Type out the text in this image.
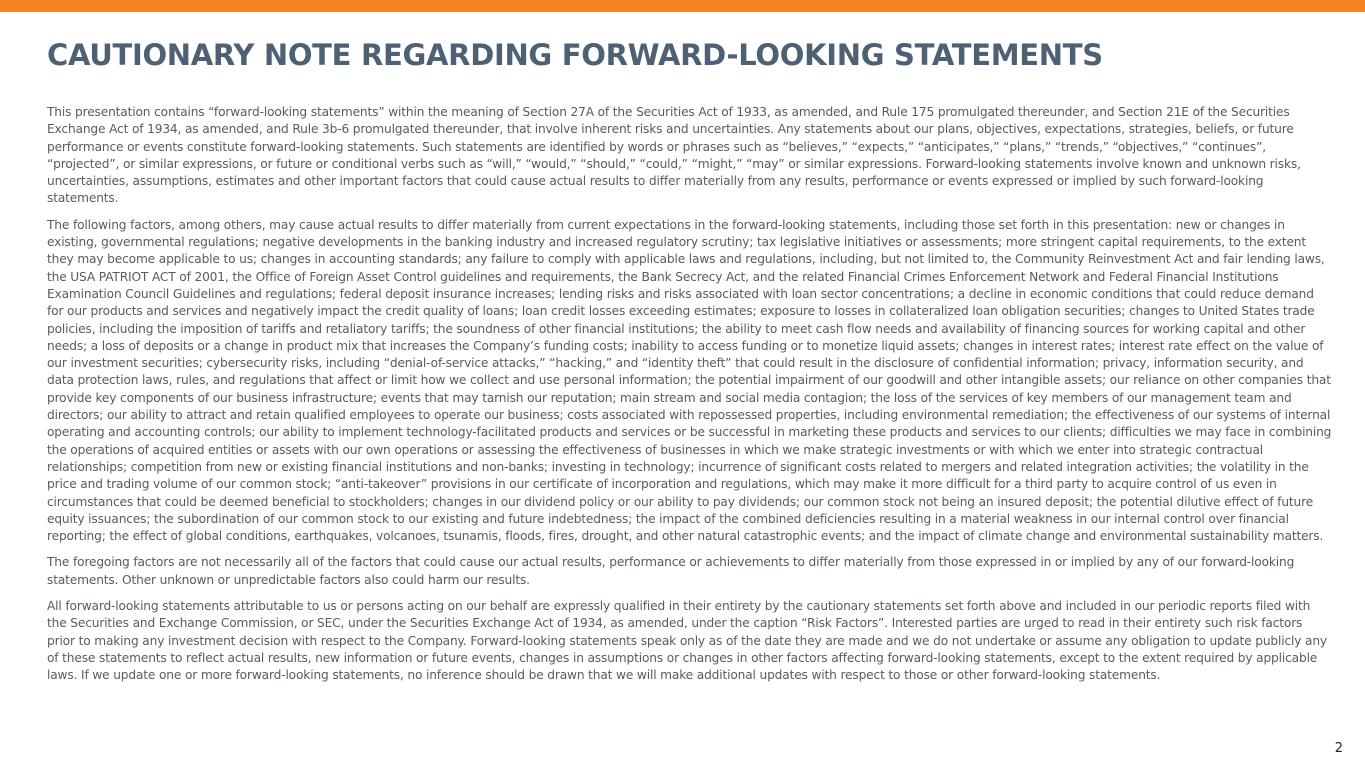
CAUTIONARY NOTE REGARDING FORWARD-LOOKING STATEMENTS

This presentation contains “forward-looking statements” within the meaning of Section 27A of the Securities Act of 1933, as amended, and Rule 175 promulgated thereunder, and Section 21E of the Securities Exchange Act of 1934, as amended, and Rule 3b-6 promulgated thereunder, that involve inherent risks and uncertainties. Any statements about our plans, objectives, expectations, strategies, beliefs, or future performance or events constitute forward-looking statements. Such statements are identified by words or phrases such as “believes,” “expects,” “anticipates,” “plans,” “trends,” “objectives,” “continues”, “projected”, or similar expressions, or future or conditional verbs such as “will,” “would,” “should,” “could,” “might,” “may” or similar expressions. Forward-looking statements involve known and unknown risks, uncertainties, assumptions, estimates and other important factors that could cause actual results to differ materially from any results, performance or events expressed or implied by such forward-looking statements.

The following factors, among others, may cause actual results to differ materially from current expectations in the forward-looking statements, including those set forth in this presentation: new or changes in existing, governmental regulations; negative developments in the banking industry and increased regulatory scrutiny; tax legislative initiatives or assessments; more stringent capital requirements, to the extent they may become applicable to us; changes in accounting standards; any failure to comply with applicable laws and regulations, including, but not limited to, the Community Reinvestment Act and fair lending laws, the USA PATRIOT ACT of 2001, the Office of Foreign Asset Control guidelines and requirements, the Bank Secrecy Act, and the related Financial Crimes Enforcement Network and Federal Financial Institutions Examination Council Guidelines and regulations; federal deposit insurance increases; lending risks and risks associated with loan sector concentrations; a decline in economic conditions that could reduce demand for our products and services and negatively impact the credit quality of loans; loan credit losses exceeding estimates; exposure to losses in collateralized loan obligation securities; changes to United States trade policies, including the imposition of tariffs and retaliatory tariffs; the soundness of other financial institutions; the ability to meet cash flow needs and availability of financing sources for working capital and other needs; a loss of deposits or a change in product mix that increases the Company’s funding costs; inability to access funding or to monetize liquid assets; changes in interest rates; interest rate effect on the value of our investment securities; cybersecurity risks, including “denial-of-service attacks,” “hacking,” and “identity theft” that could result in the disclosure of confidential information; privacy, information security, and data protection laws, rules, and regulations that affect or limit how we collect and use personal information; the potential impairment of our goodwill and other intangible assets; our reliance on other companies that provide key components of our business infrastructure; events that may tarnish our reputation; main stream and social media contagion; the loss of the services of key members of our management team and directors; our ability to attract and retain qualified employees to operate our business; costs associated with repossessed properties, including environmental remediation; the effectiveness of our systems of internal operating and accounting controls; our ability to implement technology-facilitated products and services or be successful in marketing these products and services to our clients; difficulties we may face in combining the operations of acquired entities or assets with our own operations or assessing the effectiveness of businesses in which we make strategic investments or with which we enter into strategic contractual relationships; competition from new or existing financial institutions and non-banks; investing in technology; incurrence of significant costs related to mergers and related integration activities; the volatility in the price and trading volume of our common stock; “anti-takeover” provisions in our certificate of incorporation and regulations, which may make it more difficult for a third party to acquire control of us even in circumstances that could be deemed beneficial to stockholders; changes in our dividend policy or our ability to pay dividends; our common stock not being an insured deposit; the potential dilutive effect of future equity issuances; the subordination of our common stock to our existing and future indebtedness; the impact of the combined deficiencies resulting in a material weakness in our internal control over financial reporting; the effect of global conditions, earthquakes, volcanoes, tsunamis, floods, fires, drought, and other natural catastrophic events; and the impact of climate change and environmental sustainability matters.

The foregoing factors are not necessarily all of the factors that could cause our actual results, performance or achievements to differ materially from those expressed in or implied by any of our forward-looking statements. Other unknown or unpredictable factors also could harm our results.

All forward-looking statements attributable to us or persons acting on our behalf are expressly qualified in their entirety by the cautionary statements set forth above and included in our periodic reports filed with the Securities and Exchange Commission, or SEC, under the Securities Exchange Act of 1934, as amended, under the caption “Risk Factors”. Interested parties are urged to read in their entirety such risk factors prior to making any investment decision with respect to the Company. Forward-looking statements speak only as of the date they are made and we do not undertake or assume any obligation to update publicly any of these statements to reflect actual results, new information or future events, changes in assumptions or changes in other factors affecting forward-looking statements, except to the extent required by applicable laws. If we update one or more forward-looking statements, no inference should be drawn that we will make additional updates with respect to those or other forward-looking statements.

2
